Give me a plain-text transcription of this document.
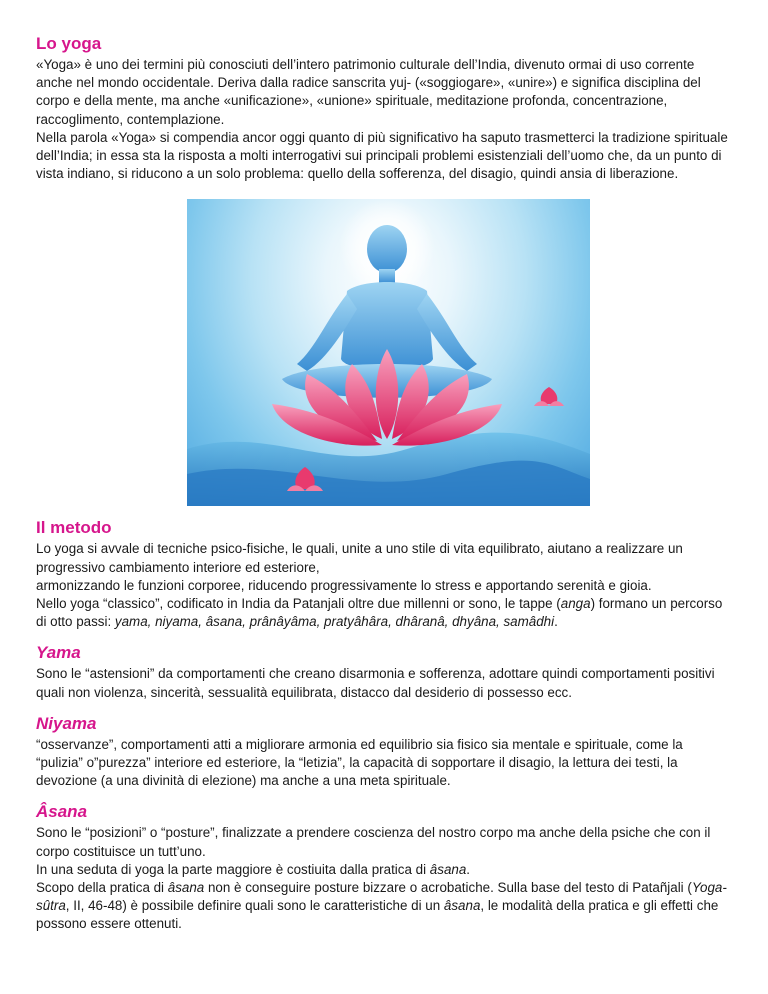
Lo yoga

«Yoga» è uno dei termini più conosciuti dell’intero patrimonio culturale dell’India, divenuto ormai di uso corrente anche nel mondo occidentale. Deriva dalla radice sanscrita yuj- («soggiogare», «unire») e significa disciplina del corpo e della mente, ma anche «unificazione», «unione» spirituale, meditazione profonda, concentrazione, raccoglimento, contemplazione.

Nella parola «Yoga» si compendia ancor oggi quanto di più significativo ha saputo trasmetterci la tradizione spirituale dell’India; in essa sta la risposta a molti interrogativi sui principali problemi esistenziali dell’uomo che, da un punto di vista indiano, si riducono a un solo problema: quello della sofferenza, del disagio, quindi ansia di liberazione.

Il metodo

Lo yoga si avvale di tecniche psico-fisiche, le quali, unite a uno stile di vita equilibrato, aiutano a realizzare un progressivo cambiamento interiore ed esteriore,

armonizzando le funzioni corporee, riducendo progressivamente lo stress e apportando serenità e gioia.

Nello yoga “classico”, codificato in India da Patanjali oltre due millenni or sono, le tappe (anga) formano un percorso di otto passi: yama, niyama, âsana, prânâyâma, pratyâhâra, dhâranâ, dhyâna, samâdhi.

Yama

Sono le “astensioni” da comportamenti che creano disarmonia e sofferenza, adottare quindi comportamenti positivi quali non violenza, sincerità, sessualità equilibrata, distacco dal desiderio di possesso ecc.

Niyama

“osservanze”, comportamenti atti a migliorare armonia ed equilibrio sia fisico sia mentale e spirituale, come la “pulizia” o”purezza” interiore ed esteriore, la “letizia”, la capacità di sopportare il disagio, la lettura dei testi, la devozione (a una divinità di elezione) ma anche a una meta spirituale.

Âsana

Sono le “posizioni” o “posture”, finalizzate a prendere coscienza del nostro corpo ma anche della psiche che con il corpo costituisce un tutt’uno.

In una seduta di yoga la parte maggiore è costiuita dalla pratica di âsana.

Scopo della pratica di âsana non è conseguire posture bizzare o acrobatiche. Sulla base del testo di Patañjali (Yoga-sûtra, II, 46-48) è possibile definire quali sono le caratteristiche di un âsana, le modalità della pratica e gli effetti che possono essere ottenuti.
